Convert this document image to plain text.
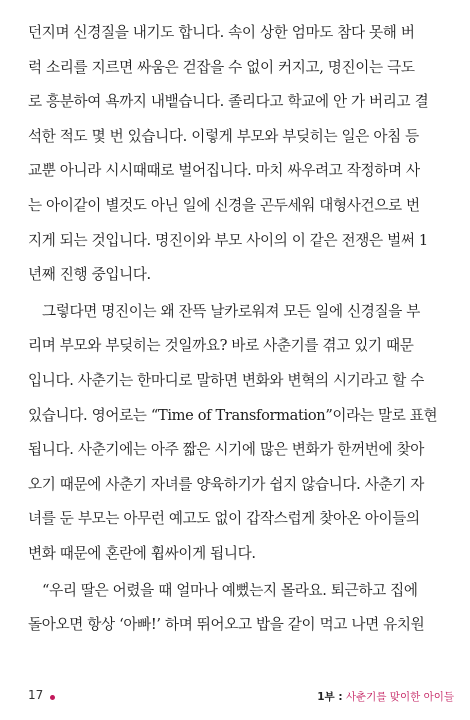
던지며 신경질을 내기도 합니다. 속이 상한 엄마도 참다 못해 버
럭 소리를 지르면 싸움은 걷잡을 수 없이 커지고, 명진이는 극도
로 흥분하여 욕까지 내뱉습니다. 졸리다고 학교에 안 가 버리고 결
석한 적도 몇 번 있습니다. 이렇게 부모와 부딪히는 일은 아침 등
교뿐 아니라 시시때때로 벌어집니다. 마치 싸우려고 작정하며 사
는 아이같이 별것도 아닌 일에 신경을 곤두세워 대형사건으로 번
지게 되는 것입니다. 명진이와 부모 사이의 이 같은 전쟁은 벌써 1
년째 진행 중입니다.
그렇다면 명진이는 왜 잔뜩 날카로워져 모든 일에 신경질을 부
리며 부모와 부딪히는 것일까요? 바로 사춘기를 겪고 있기 때문
입니다. 사춘기는 한마디로 말하면 변화와 변혁의 시기라고 할 수
있습니다. 영어로는 “Time of Transformation”이라는 말로 표현
됩니다. 사춘기에는 아주 짧은 시기에 많은 변화가 한꺼번에 찾아
오기 때문에 사춘기 자녀를 양육하기가 쉽지 않습니다. 사춘기 자
녀를 둔 부모는 아무런 예고도 없이 갑작스럽게 찾아온 아이들의
변화 때문에 혼란에 휩싸이게 됩니다.
“우리 딸은 어렸을 때 얼마나 예뻤는지 몰라요. 퇴근하고 집에
돌아오면 항상 ‘아빠!’ 하며 뛰어오고 밥을 같이 먹고 나면 유치원
17	1부 : 사춘기를 맞이한 아이들
